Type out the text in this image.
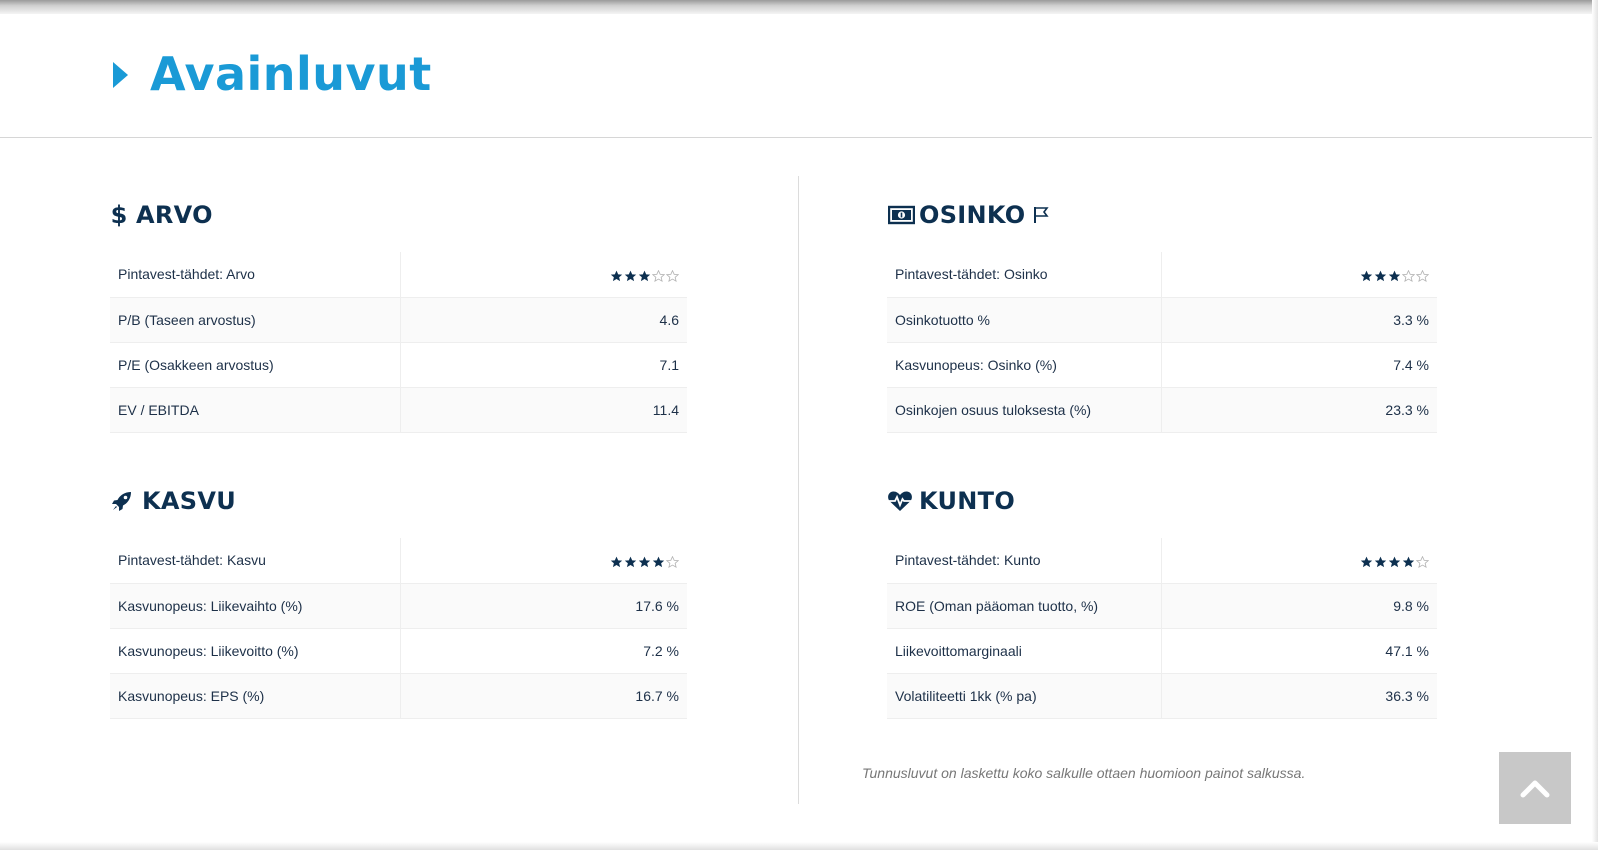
Avainluvut
$ ARVO
Pintavest-tähdet: Arvo	

P/B (Taseen arvostus)	4.6
P/E (Osakkeen arvostus)	7.1
EV / EBITDA	11.4
KASVU
Pintavest-tähdet: Kasvu	

Kasvunopeus: Liikevaihto (%)	17.6 %
Kasvunopeus: Liikevoitto (%)	7.2 %
Kasvunopeus: EPS (%)	16.7 %
OSINKO
Pintavest-tähdet: Osinko	

Osinkotuotto %	3.3 %
Kasvunopeus: Osinko (%)	7.4 %
Osinkojen osuus tuloksesta (%)	23.3 %
KUNTO
Pintavest-tähdet: Kunto	

ROE (Oman pääoman tuotto, %)	9.8 %
Liikevoittomarginaali	47.1 %
Volatiliteetti 1kk (% pa)	36.3 %
Tunnusluvut on laskettu koko salkulle ottaen huomioon painot salkussa.
